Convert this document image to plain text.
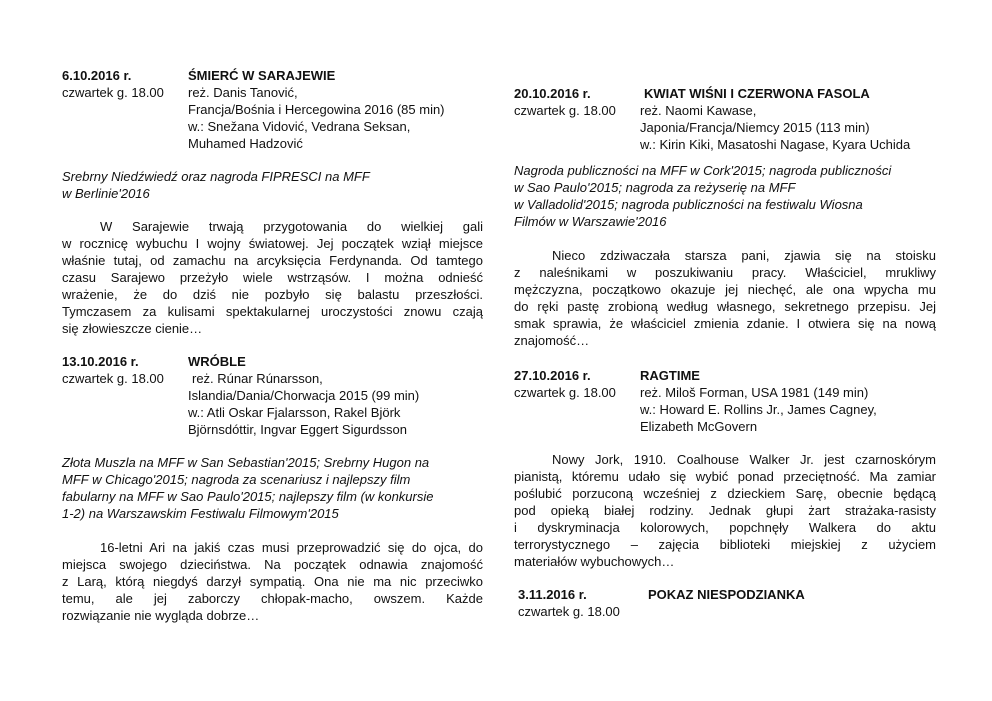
6.10.2016 r.
czwartek g. 18.00
ŚMIERĆ W SARAJEWIE
reż. Danis Tanović,
Francja/Bośnia i Hercegowina 2016 (85 min)
w.: Snežana Vidović, Vedrana Seksan,
Muhamed Hadzović
Srebrny Niedźwiedź oraz nagroda FIPRESCI na MFF
w Berlinie'2016

W Sarajewie trwają przygotowania do wielkiej gali
w rocznicę wybuchu I wojny światowej. Jej początek wziął miejsce
właśnie tutaj, od zamachu na arcyksięcia Ferdynanda. Od tamtego
czasu Sarajewo przeżyło wiele wstrząsów. I można odnieść
wrażenie, że do dziś nie pozbyło się balastu przeszłości.
Tymczasem za kulisami spektakularnej uroczystości znowu czają
się złowieszcze cienie…

13.10.2016 r.
czwartek g. 18.00
WRÓBLE
reż. Rúnar Rúnarsson,
Islandia/Dania/Chorwacja 2015 (99 min)
w.: Atli Oskar Fjalarsson, Rakel Björk
Björnsdóttir, Ingvar Eggert Sigurdsson
Złota Muszla na MFF w San Sebastian'2015; Srebrny Hugon na
MFF w Chicago'2015; nagroda za scenariusz i najlepszy film
fabularny na MFF w Sao Paulo'2015; najlepszy film (w konkursie
1-2) na Warszawskim Festiwalu Filmowym'2015

16-letni Ari na jakiś czas musi przeprowadzić się do ojca, do
miejsca swojego dzieciństwa. Na początek odnawia znajomość
z Larą, którą niegdyś darzył sympatią. Ona nie ma nic przeciwko
temu, ale jej zaborczy chłopak-macho, owszem. Każde
rozwiązanie nie wygląda dobrze…

20.10.2016 r.
czwartek g. 18.00
KWIAT WIŚNI I CZERWONA FASOLA
reż. Naomi Kawase,
Japonia/Francja/Niemcy 2015 (113 min)
w.: Kirin Kiki, Masatoshi Nagase, Kyara Uchida
Nagroda publiczności na MFF w Cork'2015; nagroda publiczności
w Sao Paulo'2015; nagroda za reżyserię na MFF
w Valladolid'2015; nagroda publiczności na festiwalu Wiosna
Filmów w Warszawie'2016

Nieco zdziwaczała starsza pani, zjawia się na stoisku
z naleśnikami w poszukiwaniu pracy. Właściciel, mrukliwy
mężczyzna, początkowo okazuje jej niechęć, ale ona wpycha mu
do ręki pastę zrobioną według własnego, sekretnego przepisu. Jej
smak sprawia, że właściciel zmienia zdanie. I otwiera się na nową
znajomość…

27.10.2016 r.
czwartek g. 18.00
RAGTIME
reż. Miloš Forman, USA 1981 (149 min)
w.: Howard E. Rollins Jr., James Cagney,
Elizabeth McGovern

Nowy Jork, 1910. Coalhouse Walker Jr. jest czarnoskórym
pianistą, któremu udało się wybić ponad przeciętność. Ma zamiar
poślubić porzuconą wcześniej z dzieckiem Sarę, obecnie będącą
pod opieką białej rodziny. Jednak głupi żart strażaka-rasisty
i dyskryminacja kolorowych, popchnęły Walkera do aktu
terrorystycznego – zajęcia biblioteki miejskiej z użyciem
materiałów wybuchowych…

3.11.2016 r.
czwartek g. 18.00
POKAZ NIESPODZIANKA
